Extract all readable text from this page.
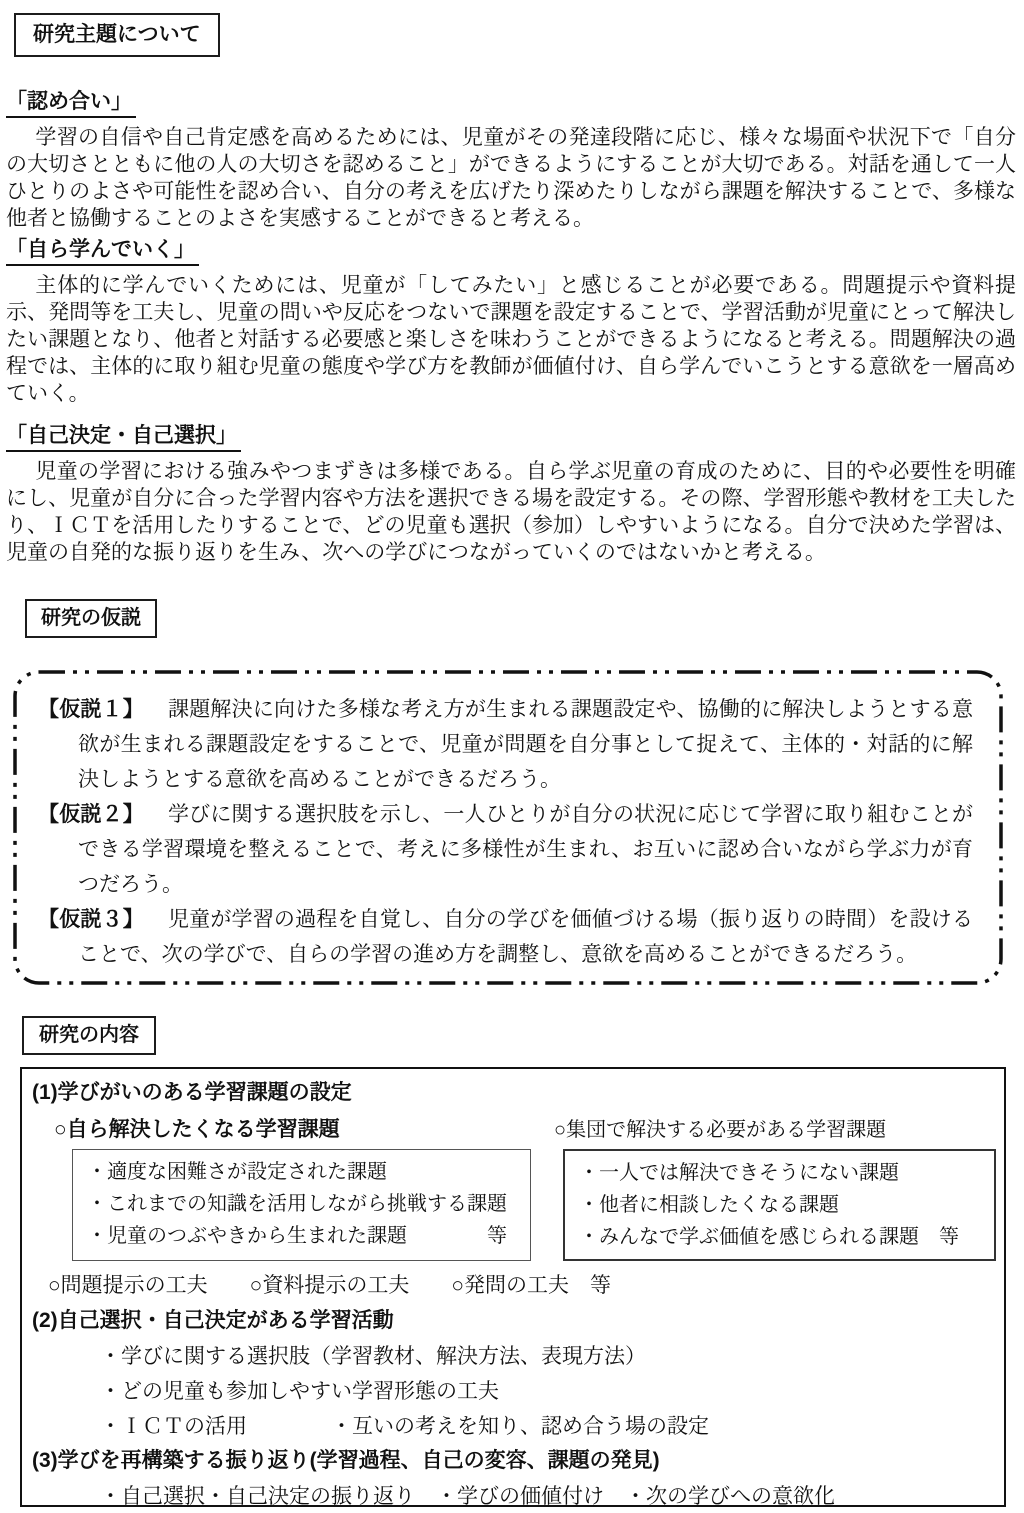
研究主題について
「認め合い」

学習の自信や自己肯定感を高めるためには、児童がその発達段階に応じ、様々な場面や状況下で「自分の大切さとともに他の人の大切さを認めること」ができるようにすることが大切である。対話を通して一人ひとりのよさや可能性を認め合い、自分の考えを広げたり深めたりしながら課題を解決することで、多様な他者と協働することのよさを実感することができると考える。

「自ら学んでいく」

主体的に学んでいくためには、児童が「してみたい」と感じることが必要である。問題提示や資料提示、発問等を工夫し、児童の問いや反応をつないで課題を設定することで、学習活動が児童にとって解決したい課題となり、他者と対話する必要感と楽しさを味わうことができるようになると考える。問題解決の過程では、主体的に取り組む児童の態度や学び方を教師が価値付け、自ら学んでいこうとする意欲を一層高めていく。

「自己決定・自己選択」

児童の学習における強みやつまずきは多様である。自ら学ぶ児童の育成のために、目的や必要性を明確にし、児童が自分に合った学習内容や方法を選択できる場を設定する。その際、学習形態や教材を工夫したり、ＩＣＴを活用したりすることで、どの児童も選択（参加）しやすいようになる。自分で決めた学習は、児童の自発的な振り返りを生み、次への学びにつながっていくのではないかと考える。

研究の仮説

【仮説１】 課題解決に向けた多様な考え方が生まれる課題設定や、協働的に解決しようとする意欲が生まれる課題設定をすることで、児童が問題を自分事として捉えて、主体的・対話的に解決しようとする意欲を高めることができるだろう。

【仮説２】 学びに関する選択肢を示し、一人ひとりが自分の状況に応じて学習に取り組むことができる学習環境を整えることで、考えに多様性が生まれ、お互いに認め合いながら学ぶ力が育つだろう。

【仮説３】 児童が学習の過程を自覚し、自分の学びを価値づける場（振り返りの時間）を設けることで、次の学びで、自らの学習の進め方を調整し、意欲を高めることができるだろう。

研究の内容
(1)学びがいのある学習課題の設定
○自ら解決したくなる学習課題	○集団で解決する必要がある学習課題
・適度な困難さが設定された課題
・これまでの知識を活用しながら挑戦する課題
・児童のつぶやきから生まれた課題　　　　等
・一人では解決できそうにない課題
・他者に相談したくなる課題
・みんなで学ぶ価値を感じられる課題　等
○問題提示の工夫　　○資料提示の工夫　　○発問の工夫　等
(2)自己選択・自己決定がある学習活動
・学びに関する選択肢（学習教材、解決方法、表現方法）
・どの児童も参加しやすい学習形態の工夫
・ＩＣＴの活用　　　　・互いの考えを知り、認め合う場の設定
(3)学びを再構築する振り返り(学習過程、自己の変容、課題の発見)
・自己選択・自己決定の振り返り　・学びの価値付け　・次の学びへの意欲化
